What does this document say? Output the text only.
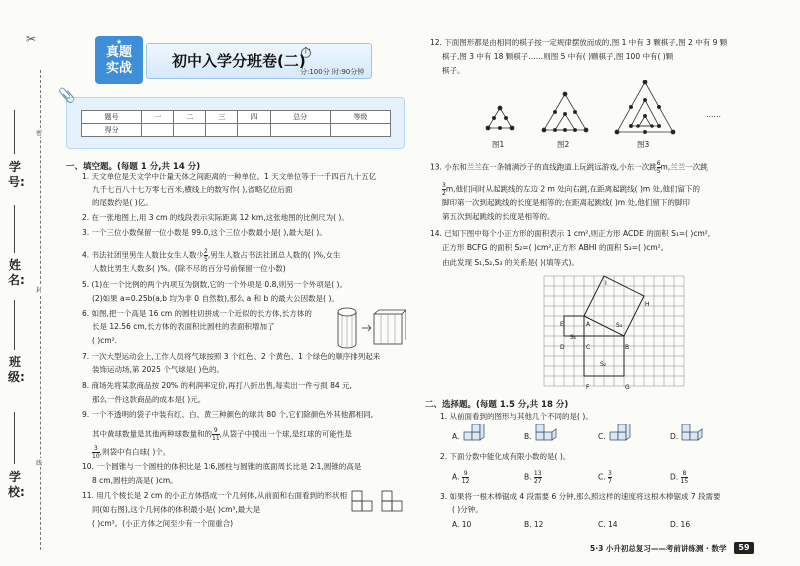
✂
密
封
线
学号:
姓名:
班级:
学校:
★
真题
实战	初中入学分班卷(二)
⏱
分:100分 时:90分钟
📎
题号	一	二	三	四	总分	等级
得分						
一、填空题。(每题 1 分,共 14 分)
1. 天文单位是天文学中计量天体之间距离的一种单位。1 天文单位等于一千四百九十五亿
九千七百八十七万零七百米,横线上的数写作( ),省略亿位后面
的尾数约是( )亿。
2. 在一张地图上,用 3 cm 的线段表示实际距离 12 km,这张地图的比例尺为( )。
3. 一个三位小数保留一位小数是 99.0,这个三位小数最小是( ),最大是( )。
4. 书法社团里男生人数比女生人数少 $\frac{2}{5}$ ,男生人数占书法社团总人数的( )%,女生
人数比男生人数多( )%。(除不尽的百分号前保留一位小数)
5. (1)在一个比例的两个内项互为倒数,它的一个外项是 0.8,则另一个外项是( )。
(2)如果 a=0.25b(a,b 均为非 0 自然数),那么 a 和 b 的最大公因数是( )。
6. 如图,把一个高是 16 cm 的圆柱切拼成一个近似的长方体,长方体的
长是 12.56 cm,长方体的表面积比圆柱的表面积增加了
( )cm².
7. 一次大型运动会上,工作人员将气球按照 3 个红色、2 个黄色、1 个绿色的顺序排列起来
装饰运动场,第 2025 个气球是( )色的。
8. 商场先将某款商品按 20% 的利润率定价,再打八折出售,每卖出一件亏损 84 元,
那么一件这款商品的成本是( )元。
9. 一个不透明的袋子中装有红、白、黄三种颜色的球共 80 个,它们除颜色外其他都相同,
其中黄球数量是其他两种球数量和的 $\frac{9}{11}$ ,从袋子中摸出一个球,是红球的可能性是
$\frac{3}{10}$ ,则袋中有白球( )个。
10. 一个圆锥与一个圆柱的体积比是 1∶6,圆柱与圆锥的底面周长比是 2∶1,圆锥的高是
8 cm,圆柱的高是( )cm。
11. 用几个棱长是 2 cm 的小正方体搭成一个几何体,从前面和右面看到的形状相
同(如右图),这个几何体的体积最小是( )cm³,最大是
( )cm³。(小正方体之间至少有一个面重合)
12. 下面图形都是由相同的棋子按一定规律摆放而成的,图 1 中有 3 颗棋子,图 2 中有 9 颗
棋子,图 3 中有 18 颗棋子……则图 5 中有( )颗棋子,图 100 中有( )颗
棋子。
图1	图2	图3
……
13. 小东和兰兰在一条铺满沙子的直线跑道上玩跳远游戏,小东一次跳 $\frac{6}{5} m$,兰兰一次跳
$\frac{3}{2} m$,他们同时从起跳线的左边 2 m 处向右跳,在距离起跳线( )m 处,他们留下的
脚印第一次到起跳线的长度是相等的;在距离起跳线( )m 处,他们留下的脚印
第五次到起跳线的长度是相等的。
14. 已知下图中每个小正方形的面积表示 1 cm²,则正方形 ACDE 的面积 S₁=( )cm²,
正方形 BCFG 的面积 S₂=( )cm²,正方形 ABHI 的面积 S₃=( )cm²。
由此发现 S₁,S₂,S₃ 的关系是( )(填等式)。
I
H
E	A	S₃
S₁
C
D	B
S₂
F	G
二、选择题。(每题 1.5 分,共 18 分)
1. 从前面看到的图形与其他几个不同的是( )。
A.	B.	C.	D.
2. 下面分数中能化成有限小数的是( )。
A. $\frac{9}{12}$	B. $\frac{13}{27}$	C. $\frac{3}{7}$	D. $\frac{8}{15}$
3. 如果将一根木棒锯成 4 段需要 6 分钟,那么照这样的速度将这根木棒锯成 7 段需要
( )分钟。
A. 10	B. 12	C. 14	D. 16
5·3 小升初总复习——考前讲练测 · 数学	59
